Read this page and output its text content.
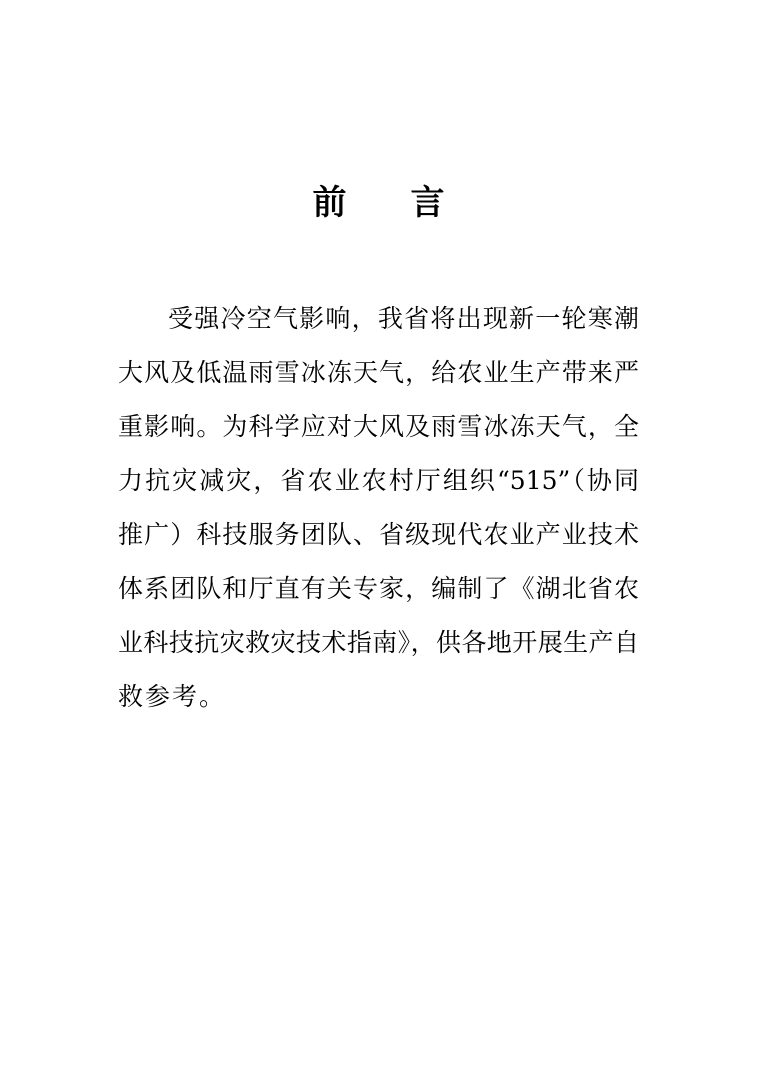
前 言
受强冷空气影响，我省将出现新一轮寒潮
大风及低温雨雪冰冻天气，给农业生产带来严
重影响。为科学应对大风及雨雪冰冻天气，全
力抗灾减灾，省农业农村厅组织“515”（协同
推广）科技服务团队、省级现代农业产业技术
体系团队和厅直有关专家，编制了《湖北省农
业科技抗灾救灾技术指南》，供各地开展生产自
救参考。
